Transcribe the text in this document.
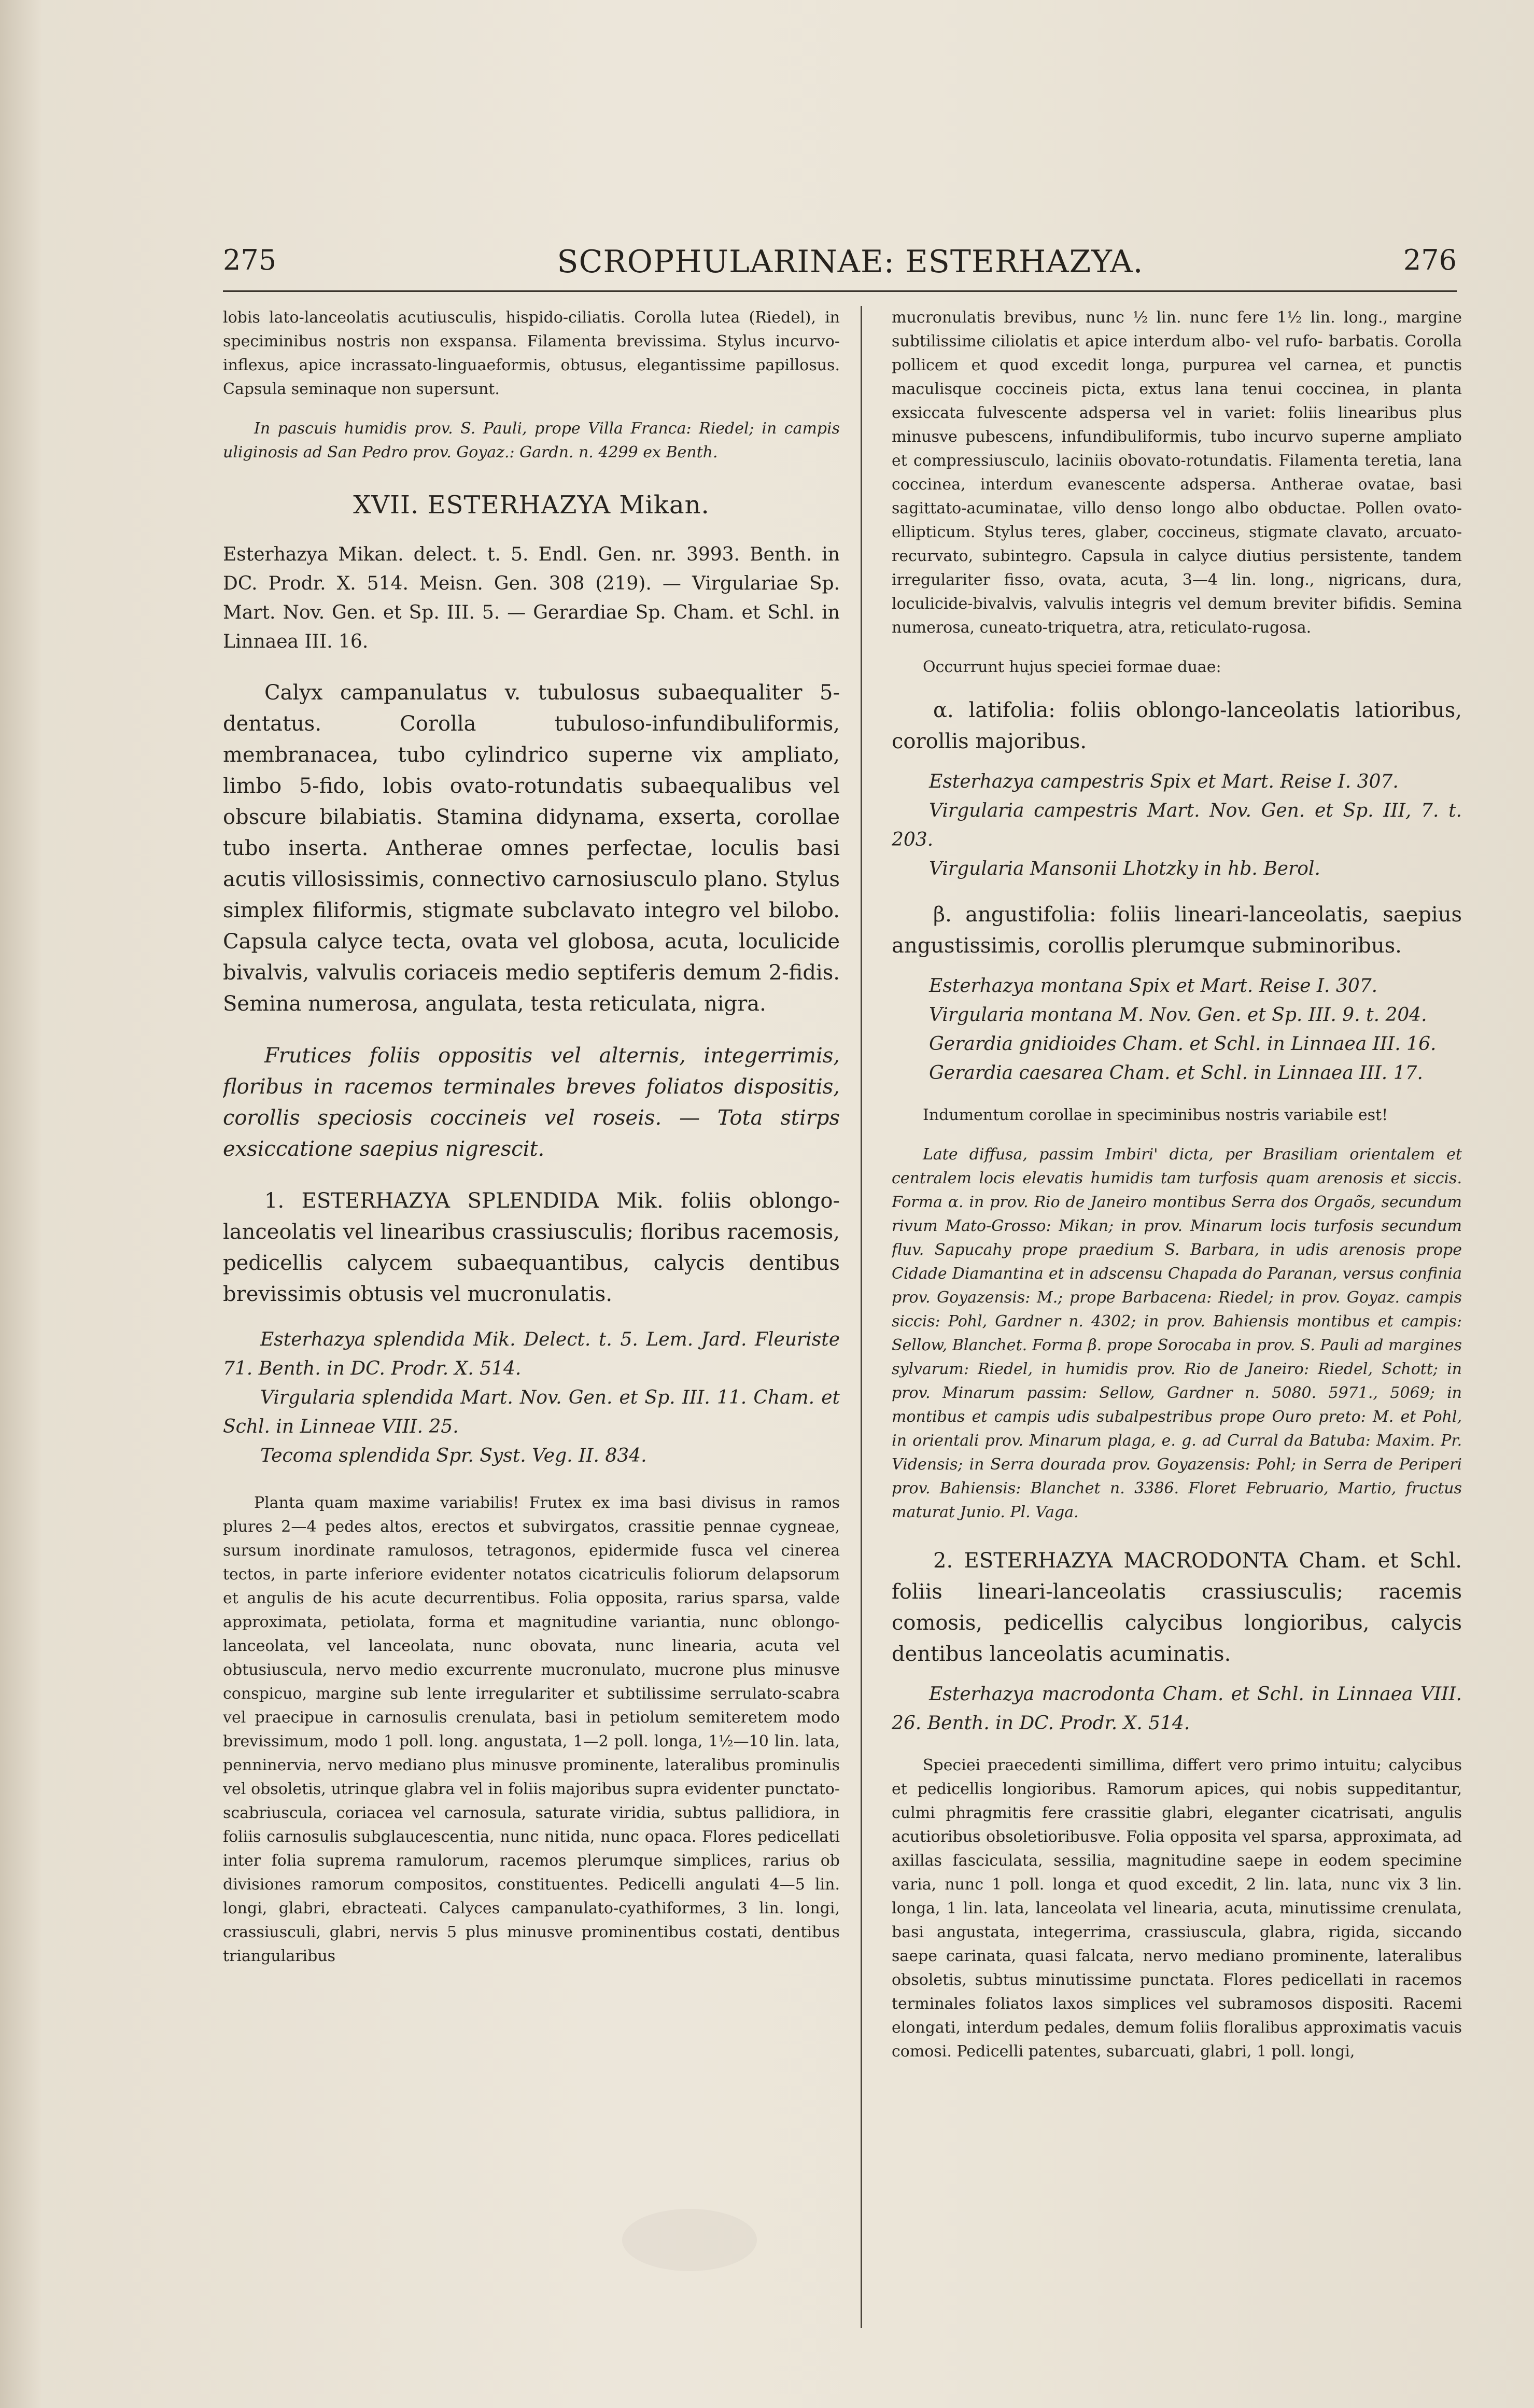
275	SCROPHULARINAE: ESTERHAZYA.	276

lobis lato-lanceolatis acutiusculis, hispido-ciliatis. Corolla lutea (Riedel), in speciminibus nostris non exspansa. Filamenta brevissima. Stylus incurvo-inflexus, apice incrassato-linguaeformis, obtusus, elegantissime papillosus. Capsula seminaque non supersunt.

In pascuis humidis prov. S. Pauli, prope Villa Franca: Riedel; in campis uliginosis ad San Pedro prov. Goyaz.: Gardn. n. 4299 ex Benth.

XVII. ESTERHAZYA Mikan.

Esterhazya Mikan. delect. t. 5. Endl. Gen. nr. 3993. Benth. in DC. Prodr. X. 514. Meisn. Gen. 308 (219). — Virgulariae Sp. Mart. Nov. Gen. et Sp. III. 5. — Gerardiae Sp. Cham. et Schl. in Linnaea III. 16.

Calyx campanulatus v. tubulosus subaequaliter 5-dentatus. Corolla tubuloso-infundibuliformis, membranacea, tubo cylindrico superne vix ampliato, limbo 5-fido, lobis ovato-rotundatis subaequalibus vel obscure bilabiatis. Stamina didynama, exserta, corollae tubo inserta. Antherae omnes perfectae, loculis basi acutis villosissimis, connectivo carnosiusculo plano. Stylus simplex filiformis, stigmate subclavato integro vel bilobo. Capsula calyce tecta, ovata vel globosa, acuta, loculicide bivalvis, valvulis coriaceis medio septiferis demum 2-fidis. Semina numerosa, angulata, testa reticulata, nigra.

Frutices foliis oppositis vel alternis, integerrimis, floribus in racemos terminales breves foliatos dispositis, corollis speciosis coccineis vel roseis. — Tota stirps exsiccatione saepius nigrescit.

1. ESTERHAZYA SPLENDIDA Mik. foliis oblongo-lanceolatis vel linearibus crassiusculis; floribus racemosis, pedicellis calycem subaequantibus, calycis dentibus brevissimis obtusis vel mucronulatis.

Esterhazya splendida Mik. Delect. t. 5. Lem. Jard. Fleuriste 71. Benth. in DC. Prodr. X. 514.

Virgularia splendida Mart. Nov. Gen. et Sp. III. 11. Cham. et Schl. in Linneae VIII. 25.

Tecoma splendida Spr. Syst. Veg. II. 834.

Planta quam maxime variabilis! Frutex ex ima basi divisus in ramos plures 2—4 pedes altos, erectos et subvirgatos, crassitie pennae cygneae, sursum inordinate ramulosos, tetragonos, epidermide fusca vel cinerea tectos, in parte inferiore evidenter notatos cicatriculis foliorum delapsorum et angulis de his acute decurrentibus. Folia opposita, rarius sparsa, valde approximata, petiolata, forma et magnitudine variantia, nunc oblongo-lanceolata, vel lanceolata, nunc obovata, nunc linearia, acuta vel obtusiuscula, nervo medio excurrente mucronulato, mucrone plus minusve conspicuo, margine sub lente irregulariter et subtilissime serrulato-scabra vel praecipue in carnosulis crenulata, basi in petiolum semiteretem modo brevissimum, modo 1 poll. long. angustata, 1—2 poll. longa, 1½—10 lin. lata, penninervia, nervo mediano plus minusve prominente, lateralibus prominulis vel obsoletis, utrinque glabra vel in foliis majoribus supra evidenter punctato-scabriuscula, coriacea vel carnosula, saturate viridia, subtus pallidiora, in foliis carnosulis subglaucescentia, nunc nitida, nunc opaca. Flores pedicellati inter folia suprema ramulorum, racemos plerumque simplices, rarius ob divisiones ramorum compositos, constituentes. Pedicelli angulati 4—5 lin. longi, glabri, ebracteati. Calyces campanulato-cyathiformes, 3 lin. longi, crassiusculi, glabri, nervis 5 plus minusve prominentibus costati, dentibus triangularibus

mucronulatis brevibus, nunc ½ lin. nunc fere 1½ lin. long., margine subtilissime ciliolatis et apice interdum albo- vel rufo- barbatis. Corolla pollicem et quod excedit longa, purpurea vel carnea, et punctis maculisque coccineis picta, extus lana tenui coccinea, in planta exsiccata fulvescente adspersa vel in variet: foliis linearibus plus minusve pubescens, infundibuliformis, tubo incurvo superne ampliato et compressiusculo, laciniis obovato-rotundatis. Filamenta teretia, lana coccinea, interdum evanescente adspersa. Antherae ovatae, basi sagittato-acuminatae, villo denso longo albo obductae. Pollen ovato-ellipticum. Stylus teres, glaber, coccineus, stigmate clavato, arcuato-recurvato, subintegro. Capsula in calyce diutius persistente, tandem irregulariter fisso, ovata, acuta, 3—4 lin. long., nigricans, dura, loculicide-bivalvis, valvulis integris vel demum breviter bifidis. Semina numerosa, cuneato-triquetra, atra, reticulato-rugosa.

Occurrunt hujus speciei formae duae:

α. latifolia: foliis oblongo-lanceolatis latioribus, corollis majoribus.

Esterhazya campestris Spix et Mart. Reise I. 307.

Virgularia campestris Mart. Nov. Gen. et Sp. III, 7. t. 203.

Virgularia Mansonii Lhotzky in hb. Berol.

β. angustifolia: foliis lineari-lanceolatis, saepius angustissimis, corollis plerumque subminoribus.

Esterhazya montana Spix et Mart. Reise I. 307.

Virgularia montana M. Nov. Gen. et Sp. III. 9. t. 204.

Gerardia gnidioides Cham. et Schl. in Linnaea III. 16.

Gerardia caesarea Cham. et Schl. in Linnaea III. 17.

Indumentum corollae in speciminibus nostris variabile est!

Late diffusa, passim Imbiri' dicta, per Brasiliam orientalem et centralem locis elevatis humidis tam turfosis quam arenosis et siccis. Forma α. in prov. Rio de Janeiro montibus Serra dos Orgaõs, secundum rivum Mato-Grosso: Mikan; in prov. Minarum locis turfosis secundum fluv. Sapucahy prope praedium S. Barbara, in udis arenosis prope Cidade Diamantina et in adscensu Chapada do Paranan, versus confinia prov. Goyazensis: M.; prope Barbacena: Riedel; in prov. Goyaz. campis siccis: Pohl, Gardner n. 4302; in prov. Bahiensis montibus et campis: Sellow, Blanchet. Forma β. prope Sorocaba in prov. S. Pauli ad margines sylvarum: Riedel, in humidis prov. Rio de Janeiro: Riedel, Schott; in prov. Minarum passim: Sellow, Gardner n. 5080. 5971., 5069; in montibus et campis udis subalpestribus prope Ouro preto: M. et Pohl, in orientali prov. Minarum plaga, e. g. ad Curral da Batuba: Maxim. Pr. Vidensis; in Serra dourada prov. Goyazensis: Pohl; in Serra de Periperi prov. Bahiensis: Blanchet n. 3386. Floret Februario, Martio, fructus maturat Junio. Pl. Vaga.

2. ESTERHAZYA MACRODONTA Cham. et Schl. foliis lineari-lanceolatis crassiusculis; racemis comosis, pedicellis calycibus longioribus, calycis dentibus lanceolatis acuminatis.

Esterhazya macrodonta Cham. et Schl. in Linnaea VIII. 26. Benth. in DC. Prodr. X. 514.

Speciei praecedenti simillima, differt vero primo intuitu; calycibus et pedicellis longioribus. Ramorum apices, qui nobis suppeditantur, culmi phragmitis fere crassitie glabri, eleganter cicatrisati, angulis acutioribus obsoletioribusve. Folia opposita vel sparsa, approximata, ad axillas fasciculata, sessilia, magnitudine saepe in eodem specimine varia, nunc 1 poll. longa et quod excedit, 2 lin. lata, nunc vix 3 lin. longa, 1 lin. lata, lanceolata vel linearia, acuta, minutissime crenulata, basi angustata, integerrima, crassiuscula, glabra, rigida, siccando saepe carinata, quasi falcata, nervo mediano prominente, lateralibus obsoletis, subtus minutissime punctata. Flores pedicellati in racemos terminales foliatos laxos simplices vel subramosos dispositi. Racemi elongati, interdum pedales, demum foliis floralibus approximatis vacuis comosi. Pedicelli patentes, subarcuati, glabri, 1 poll. longi,
